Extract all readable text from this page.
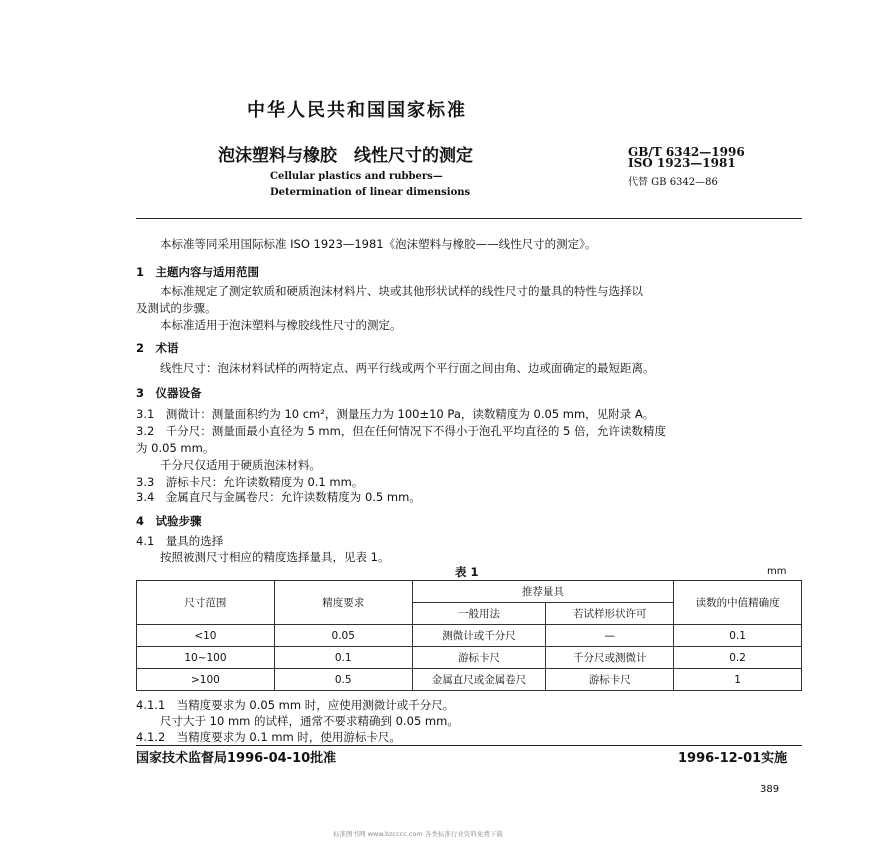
中华人民共和国国家标准
泡沫塑料与橡胶　线性尺寸的测定	GB/T 6342—1996
ISO 1923—1981
代替 GB 6342—86
Cellular plastics and rubbers—
Determination of linear dimensions
本标准等同采用国际标准 ISO 1923—1981《泡沫塑料与橡胶——线性尺寸的测定》。
1　主题内容与适用范围
本标准规定了测定软质和硬质泡沫材料片、块或其他形状试样的线性尺寸的量具的特性与选择以
及测试的步骤。
本标准适用于泡沫塑料与橡胶线性尺寸的测定。
2　术语
线性尺寸：泡沫材料试样的两特定点、两平行线或两个平行面之间由角、边或面确定的最短距离。
3　仪器设备
3.1　测微计：测量面积约为 10 cm²，测量压力为 100±10 Pa，读数精度为 0.05 mm，见附录 A。
3.2　千分尺：测量面最小直径为 5 mm，但在任何情况下不得小于泡孔平均直径的 5 倍，允许读数精度
为 0.05 mm。
千分尺仅适用于硬质泡沫材料。
3.3　游标卡尺：允许读数精度为 0.1 mm。
3.4　金属直尺与金属卷尺：允许读数精度为 0.5 mm。
4　试验步骤
4.1　量具的选择
按照被测尺寸相应的精度选择量具，见表 1。
表 1	mm
尺寸范围	精度要求	推荐量具		读数的中值精确度
		一般用法	若试样形状许可	
<10	0.05	测微计或千分尺	—	0.1
10~100	0.1	游标卡尺	千分尺或测微计	0.2
>100	0.5	金属直尺或金属卷尺	游标卡尺	1
4.1.1　当精度要求为 0.05 mm 时，应使用测微计或千分尺。
尺寸大于 10 mm 的试样，通常不要求精确到 0.05 mm。
4.1.2　当精度要求为 0.1 mm 时，使用游标卡尺。
国家技术监督局1996-04-10批准	1996-12-01实施
389
标准图书网 www.bzcccc.com 各类标准行业资料免费下载
